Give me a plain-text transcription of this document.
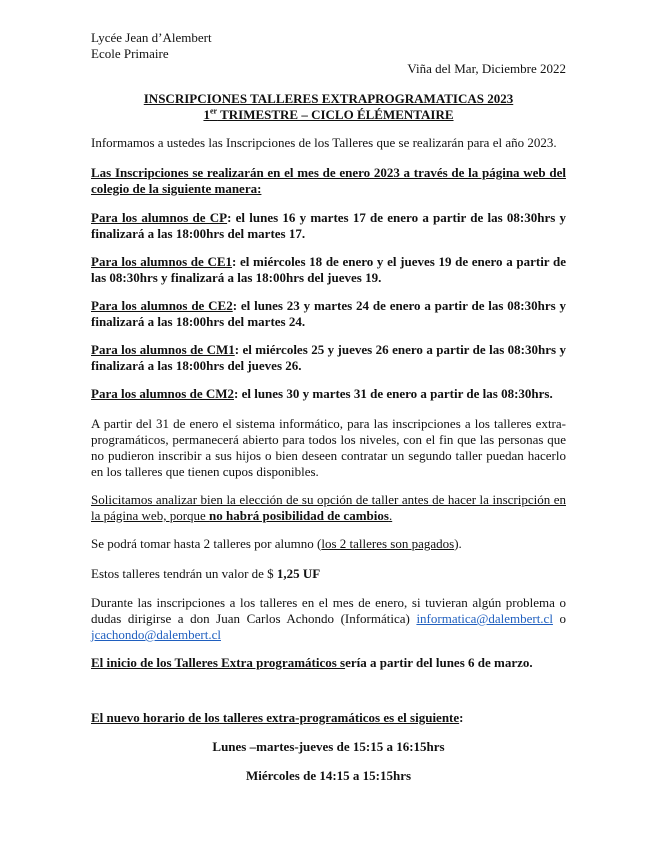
Lycée Jean d’Alembert
Ecole Primaire

Viña del Mar, Diciembre 2022

INSCRIPCIONES TALLERES EXTRAPROGRAMATICAS 2023
1er TRIMESTRE – CICLO ÉLÉMENTAIRE

Informamos a ustedes las Inscripciones de los Talleres que se realizarán para el año 2023.

Las Inscripciones se realizarán en el mes de enero 2023 a través de la página web del colegio de la siguiente manera:

Para los alumnos de CP: el lunes 16 y martes 17 de enero a partir de las 08:30hrs y finalizará a las 18:00hrs del martes 17.

Para los alumnos de CE1: el miércoles 18 de enero y el jueves 19 de enero a partir de las 08:30hrs y finalizará a las 18:00hrs del jueves 19.

Para los alumnos de CE2: el lunes 23 y martes 24 de enero a partir de las 08:30hrs y finalizará a las 18:00hrs del martes 24.

Para los alumnos de CM1: el miércoles 25 y jueves 26 enero a partir de las 08:30hrs y finalizará a las 18:00hrs del jueves 26.

Para los alumnos de CM2: el lunes 30 y martes 31 de enero a partir de las 08:30hrs.

A partir del 31 de enero el sistema informático, para las inscripciones a los talleres extra-programáticos, permanecerá abierto para todos los niveles, con el fin que las personas que no pudieron inscribir a sus hijos o bien deseen contratar un segundo taller puedan hacerlo en los talleres que tienen cupos disponibles.

Solicitamos analizar bien la elección de su opción de taller antes de hacer la inscripción en la página web, porque no habrá posibilidad de cambios.

Se podrá tomar hasta 2 talleres por alumno (los 2 talleres son pagados).

Estos talleres tendrán un valor de $ 1,25 UF

Durante las inscripciones a los talleres en el mes de enero, si tuvieran algún problema o dudas dirigirse a don Juan Carlos Achondo (Informática) informatica@dalembert.cl o jcachondo@dalembert.cl

El inicio de los Talleres Extra programáticos sería a partir del lunes 6 de marzo.

El nuevo horario de los talleres extra-programáticos es el siguiente:

Lunes –martes-jueves de 15:15 a 16:15hrs

Miércoles de 14:15 a 15:15hrs
